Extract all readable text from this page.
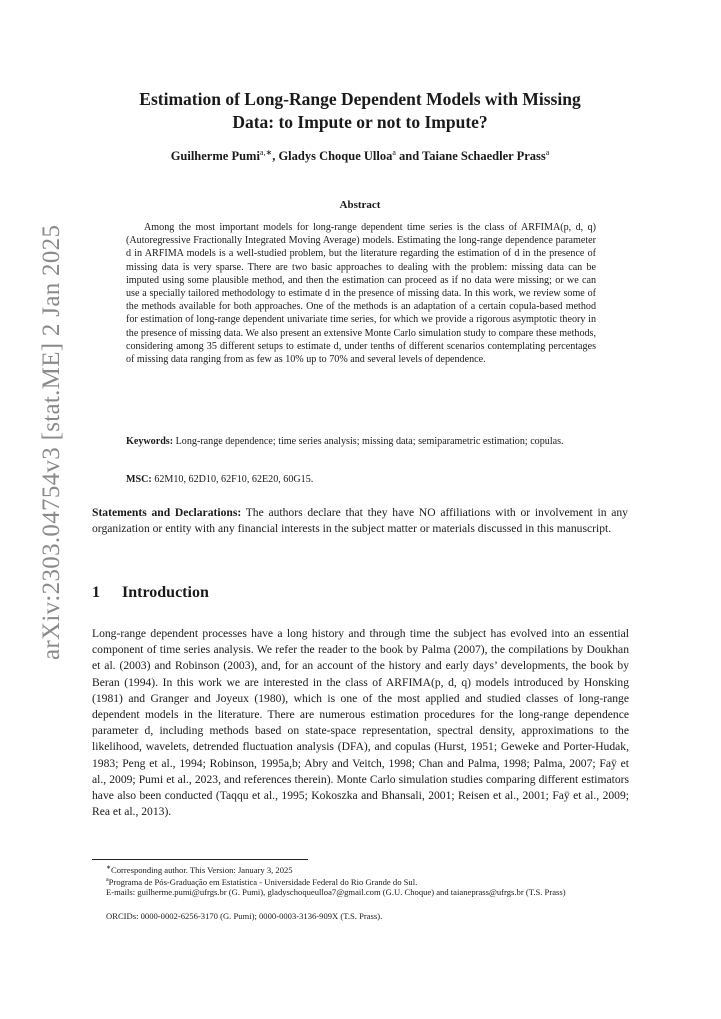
arXiv:2303.04754v3 [stat.ME] 2 Jan 2025
Estimation of Long-Range Dependent Models with Missing
Data: to Impute or not to Impute?
Guilherme Pumi$^{a,∗}$, Gladys Choque Ulloa$^a$ and Taiane Schaedler Prass$^a$
Abstract
Among the most important models for long-range dependent time series is the class of ARFIMA(p, d, q) (Autoregressive Fractionally Integrated Moving Average) models. Estimating the long-range dependence parameter d in ARFIMA models is a well-studied problem, but the literature regarding the estimation of d in the presence of missing data is very sparse. There are two basic approaches to dealing with the problem: missing data can be imputed using some plausible method, and then the estimation can proceed as if no data were missing; or we can use a specially tailored methodology to estimate d in the presence of missing data. In this work, we review some of the methods available for both approaches. One of the methods is an adaptation of a certain copula-based method for estimation of long-range dependent univariate time series, for which we provide a rigorous asymptotic theory in the presence of missing data. We also present an extensive Monte Carlo simulation study to compare these methods, considering among 35 different setups to estimate d, under tenths of different scenarios contemplating percentages of missing data ranging from as few as 10% up to 70% and several levels of dependence.
Keywords: Long-range dependence; time series analysis; missing data; semiparametric estimation; copulas.
MSC: 62M10, 62D10, 62F10, 62E20, 60G15.
Statements and Declarations: The authors declare that they have NO affiliations with or involvement in any organization or entity with any financial interests in the subject matter or materials discussed in this manuscript.
1 Introduction
Long-range dependent processes have a long history and through time the subject has evolved into an essential component of time series analysis. We refer the reader to the book by Palma (2007), the compilations by Doukhan et al. (2003) and Robinson (2003), and, for an account of the history and early days’ developments, the book by Beran (1994). In this work we are interested in the class of ARFIMA(p, d, q) models introduced by Honsking (1981) and Granger and Joyeux (1980), which is one of the most applied and studied classes of long-range dependent models in the literature. There are numerous estimation procedures for the long-range dependence parameter d, including methods based on state-space representation, spectral density, approximations to the likelihood, wavelets, detrended fluctuation analysis (DFA), and copulas (Hurst, 1951; Geweke and Porter-Hudak, 1983; Peng et al., 1994; Robinson, 1995a,b; Abry and Veitch, 1998; Chan and Palma, 1998; Palma, 2007; Faÿ et al., 2009; Pumi et al., 2023, and references therein). Monte Carlo simulation studies comparing different estimators have also been conducted (Taqqu et al., 1995; Kokoszka and Bhansali, 2001; Reisen et al., 2001; Faÿ et al., 2009; Rea et al., 2013).
∗Corresponding author. This Version: January 3, 2025
$^a$Programa de Pós-Graduação em Estatística - Universidade Federal do Rio Grande do Sul.
E-mails: guilherme.pumi@ufrgs.br (G. Pumi), gladyschoqueulloa7@gmail.com (G.U. Choque) and taianeprass@ufrgs.br (T.S. Prass)
ORCIDs: 0000-0002-6256-3170 (G. Pumi); 0000-0003-3136-909X (T.S. Prass).
